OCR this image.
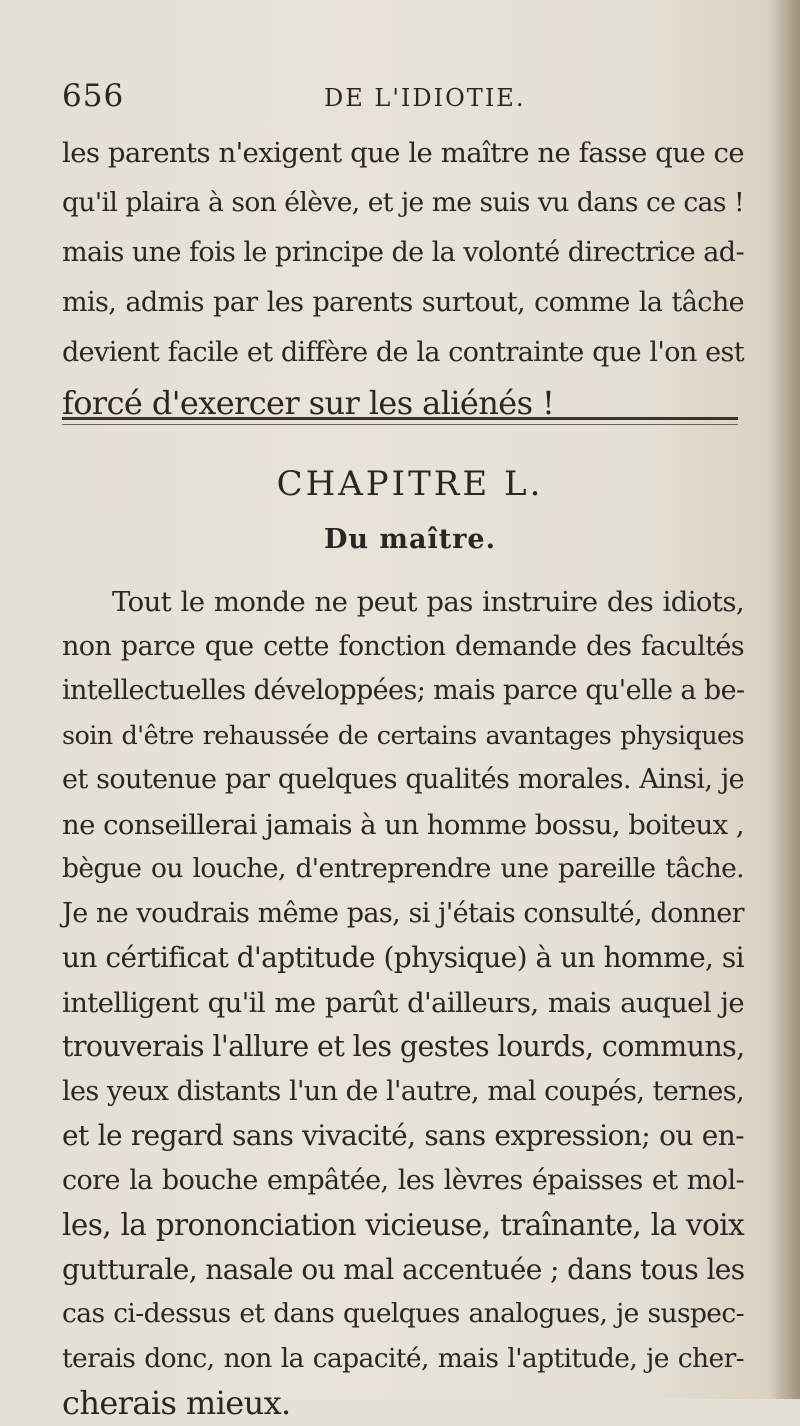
656	DE L'IDIOTIE.
les parents n'exigent que le maître ne fasse que ce
qu'il plaira à son élève, et je me suis vu dans ce cas !
mais une fois le principe de la volonté directrice ad-
mis, admis par les parents surtout, comme la tâche
devient facile et diffère de la contrainte que l'on est
forcé d'exercer sur les aliénés !
CHAPITRE L.
Du maître.
Tout le monde ne peut pas instruire des idiots,
non parce que cette fonction demande des facultés
intellectuelles développées; mais parce qu'elle a be-
soin d'être rehaussée de certains avantages physiques
et soutenue par quelques qualités morales. Ainsi, je
ne conseillerai jamais à un homme bossu, boiteux ,
bègue ou louche, d'entreprendre une pareille tâche.
Je ne voudrais même pas, si j'étais consulté, donner
un cértificat d'aptitude (physique) à un homme, si
intelligent qu'il me parût d'ailleurs, mais auquel je
trouverais l'allure et les gestes lourds, communs,
les yeux distants l'un de l'autre, mal coupés, ternes,
et le regard sans vivacité, sans expression; ou en-
core la bouche empâtée, les lèvres épaisses et mol-
les, la prononciation vicieuse, traînante, la voix
gutturale, nasale ou mal accentuée ; dans tous les
cas ci-dessus et dans quelques analogues, je suspec-
terais donc, non la capacité, mais l'aptitude, je cher-
cherais mieux.
